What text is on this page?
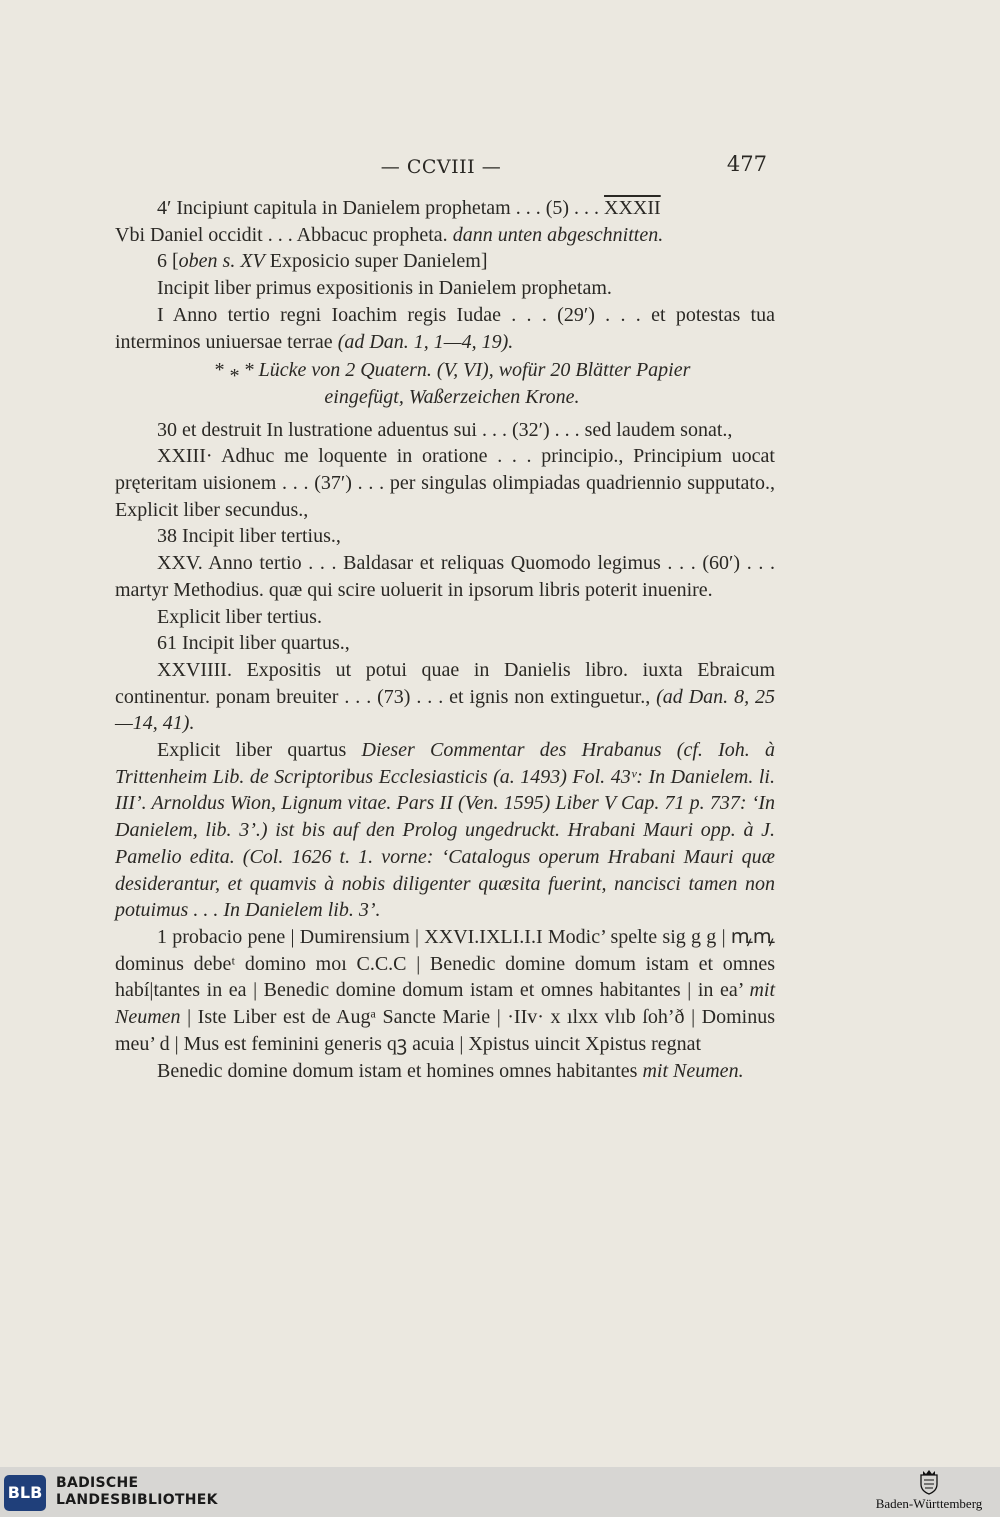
— CCVIII —	477

4′ Incipiunt capitula in Danielem prophetam . . . (5) . . . XXXII

Vbi Daniel occidit . . . Abbacuc propheta. dann unten abgeschnitten.

6 [oben s. XV Exposicio super Danielem]

Incipit liber primus expositionis in Danielem prophetam.

I Anno tertio regni Ioachim regis Iudae . . . (29′) . . . et potestas tua interminos uniuersae terrae (ad Dan. 1, 1—4, 19).

* * * Lücke von 2 Quatern. (V, VI), wofür 20 Blätter Papier
eingefügt, Waßerzeichen Krone.

30 et destruit In lustratione aduentus sui . . . (32′) . . . sed laudem sonat.,

XXIII· Adhuc me loquente in oratione . . . principio., Principium uocat pręteritam uisionem . . . (37′) . . . per singulas olimpiadas quadriennio supputato., Explicit liber secundus.,

38 Incipit liber tertius.,

XXV. Anno tertio . . . Baldasar et reliquas Quomodo legimus . . . (60′) . . . martyr Methodius. quæ qui scire uoluerit in ipsorum libris poterit inuenire.

Explicit liber tertius.

61 Incipit liber quartus.,

XXVIIII. Expositis ut potui quae in Danielis libro. iuxta Ebraicum continentur. ponam breuiter . . . (73) . . . et ignis non extinguetur., (ad Dan. 8, 25—14, 41).

Explicit liber quartus Dieser Commentar des Hrabanus (cf. Ioh. à Trittenheim Lib. de Scriptoribus Ecclesiasticis (a. 1493) Fol. 43ᵛ: In Danielem. li. III’. Arnoldus Wion, Lignum vitae. Pars II (Ven. 1595) Liber V Cap. 71 p. 737: ‘In Danielem, lib. 3’.) ist bis auf den Prolog ungedruckt. Hrabani Mauri opp. à J. Pamelio edita. (Col. 1626 t. 1. vorne: ‘Catalogus operum Hrabani Mauri quæ desiderantur, et quamvis à nobis diligenter quæsita fuerint, nancisci tamen non potuimus . . . In Danielem lib. 3’.

1 probacio pene | Dumirensium | XXVI.IXLI.I.I Modic’ spelte sig g g | ꝳꝳ dominus debeᵗ domino moı C.C.C | Benedic domine domum istam et omnes habí|tantes in ea | Benedic domine domum istam et omnes habitantes | in ea’ mit Neumen | Iste Liber est de Augᵃ Sancte Marie | ·IIv· x ılxx vlıb ſoh’ð | Dominus meu’ d | Mus est feminini generis qꝫ acuia | Xpistus uincit Xpistus regnat

Benedic domine domum istam et homines omnes habitantes mit Neumen.

BLB BADISCHE
LANDESBIBLIOTHEK	Baden-Württemberg
